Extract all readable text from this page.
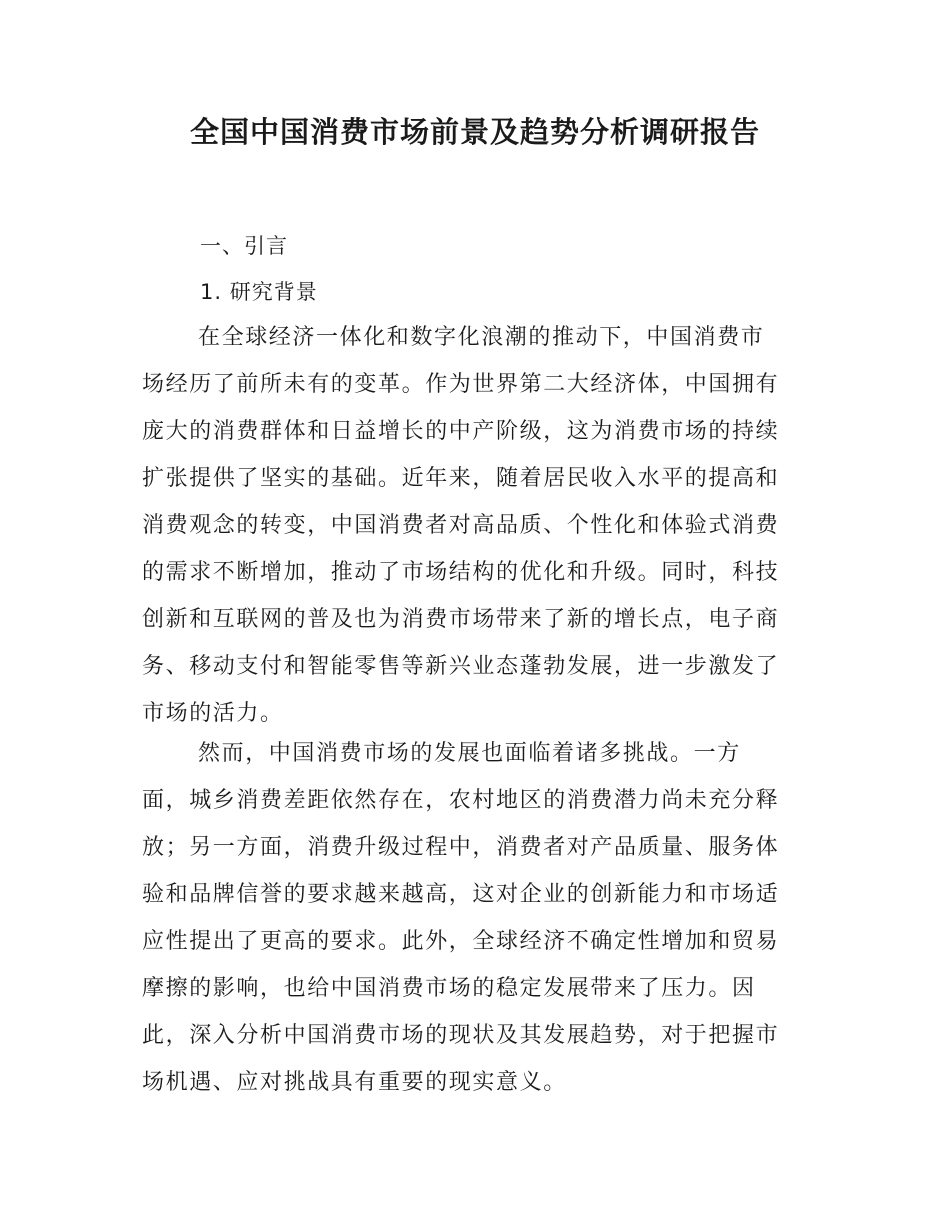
全国中国消费市场前景及趋势分析调研报告
一、引言
1. 研究背景
在全球经济一体化和数字化浪潮的推动下，中国消费市
场经历了前所未有的变革。作为世界第二大经济体，中国拥有
庞大的消费群体和日益增长的中产阶级，这为消费市场的持续
扩张提供了坚实的基础。近年来，随着居民收入水平的提高和
消费观念的转变，中国消费者对高品质、个性化和体验式消费
的需求不断增加，推动了市场结构的优化和升级。同时，科技
创新和互联网的普及也为消费市场带来了新的增长点，电子商
务、移动支付和智能零售等新兴业态蓬勃发展，进一步激发了
市场的活力。
然而，中国消费市场的发展也面临着诸多挑战。一方
面，城乡消费差距依然存在，农村地区的消费潜力尚未充分释
放；另一方面，消费升级过程中，消费者对产品质量、服务体
验和品牌信誉的要求越来越高，这对企业的创新能力和市场适
应性提出了更高的要求。此外，全球经济不确定性增加和贸易
摩擦的影响，也给中国消费市场的稳定发展带来了压力。因
此，深入分析中国消费市场的现状及其发展趋势，对于把握市
场机遇、应对挑战具有重要的现实意义。
